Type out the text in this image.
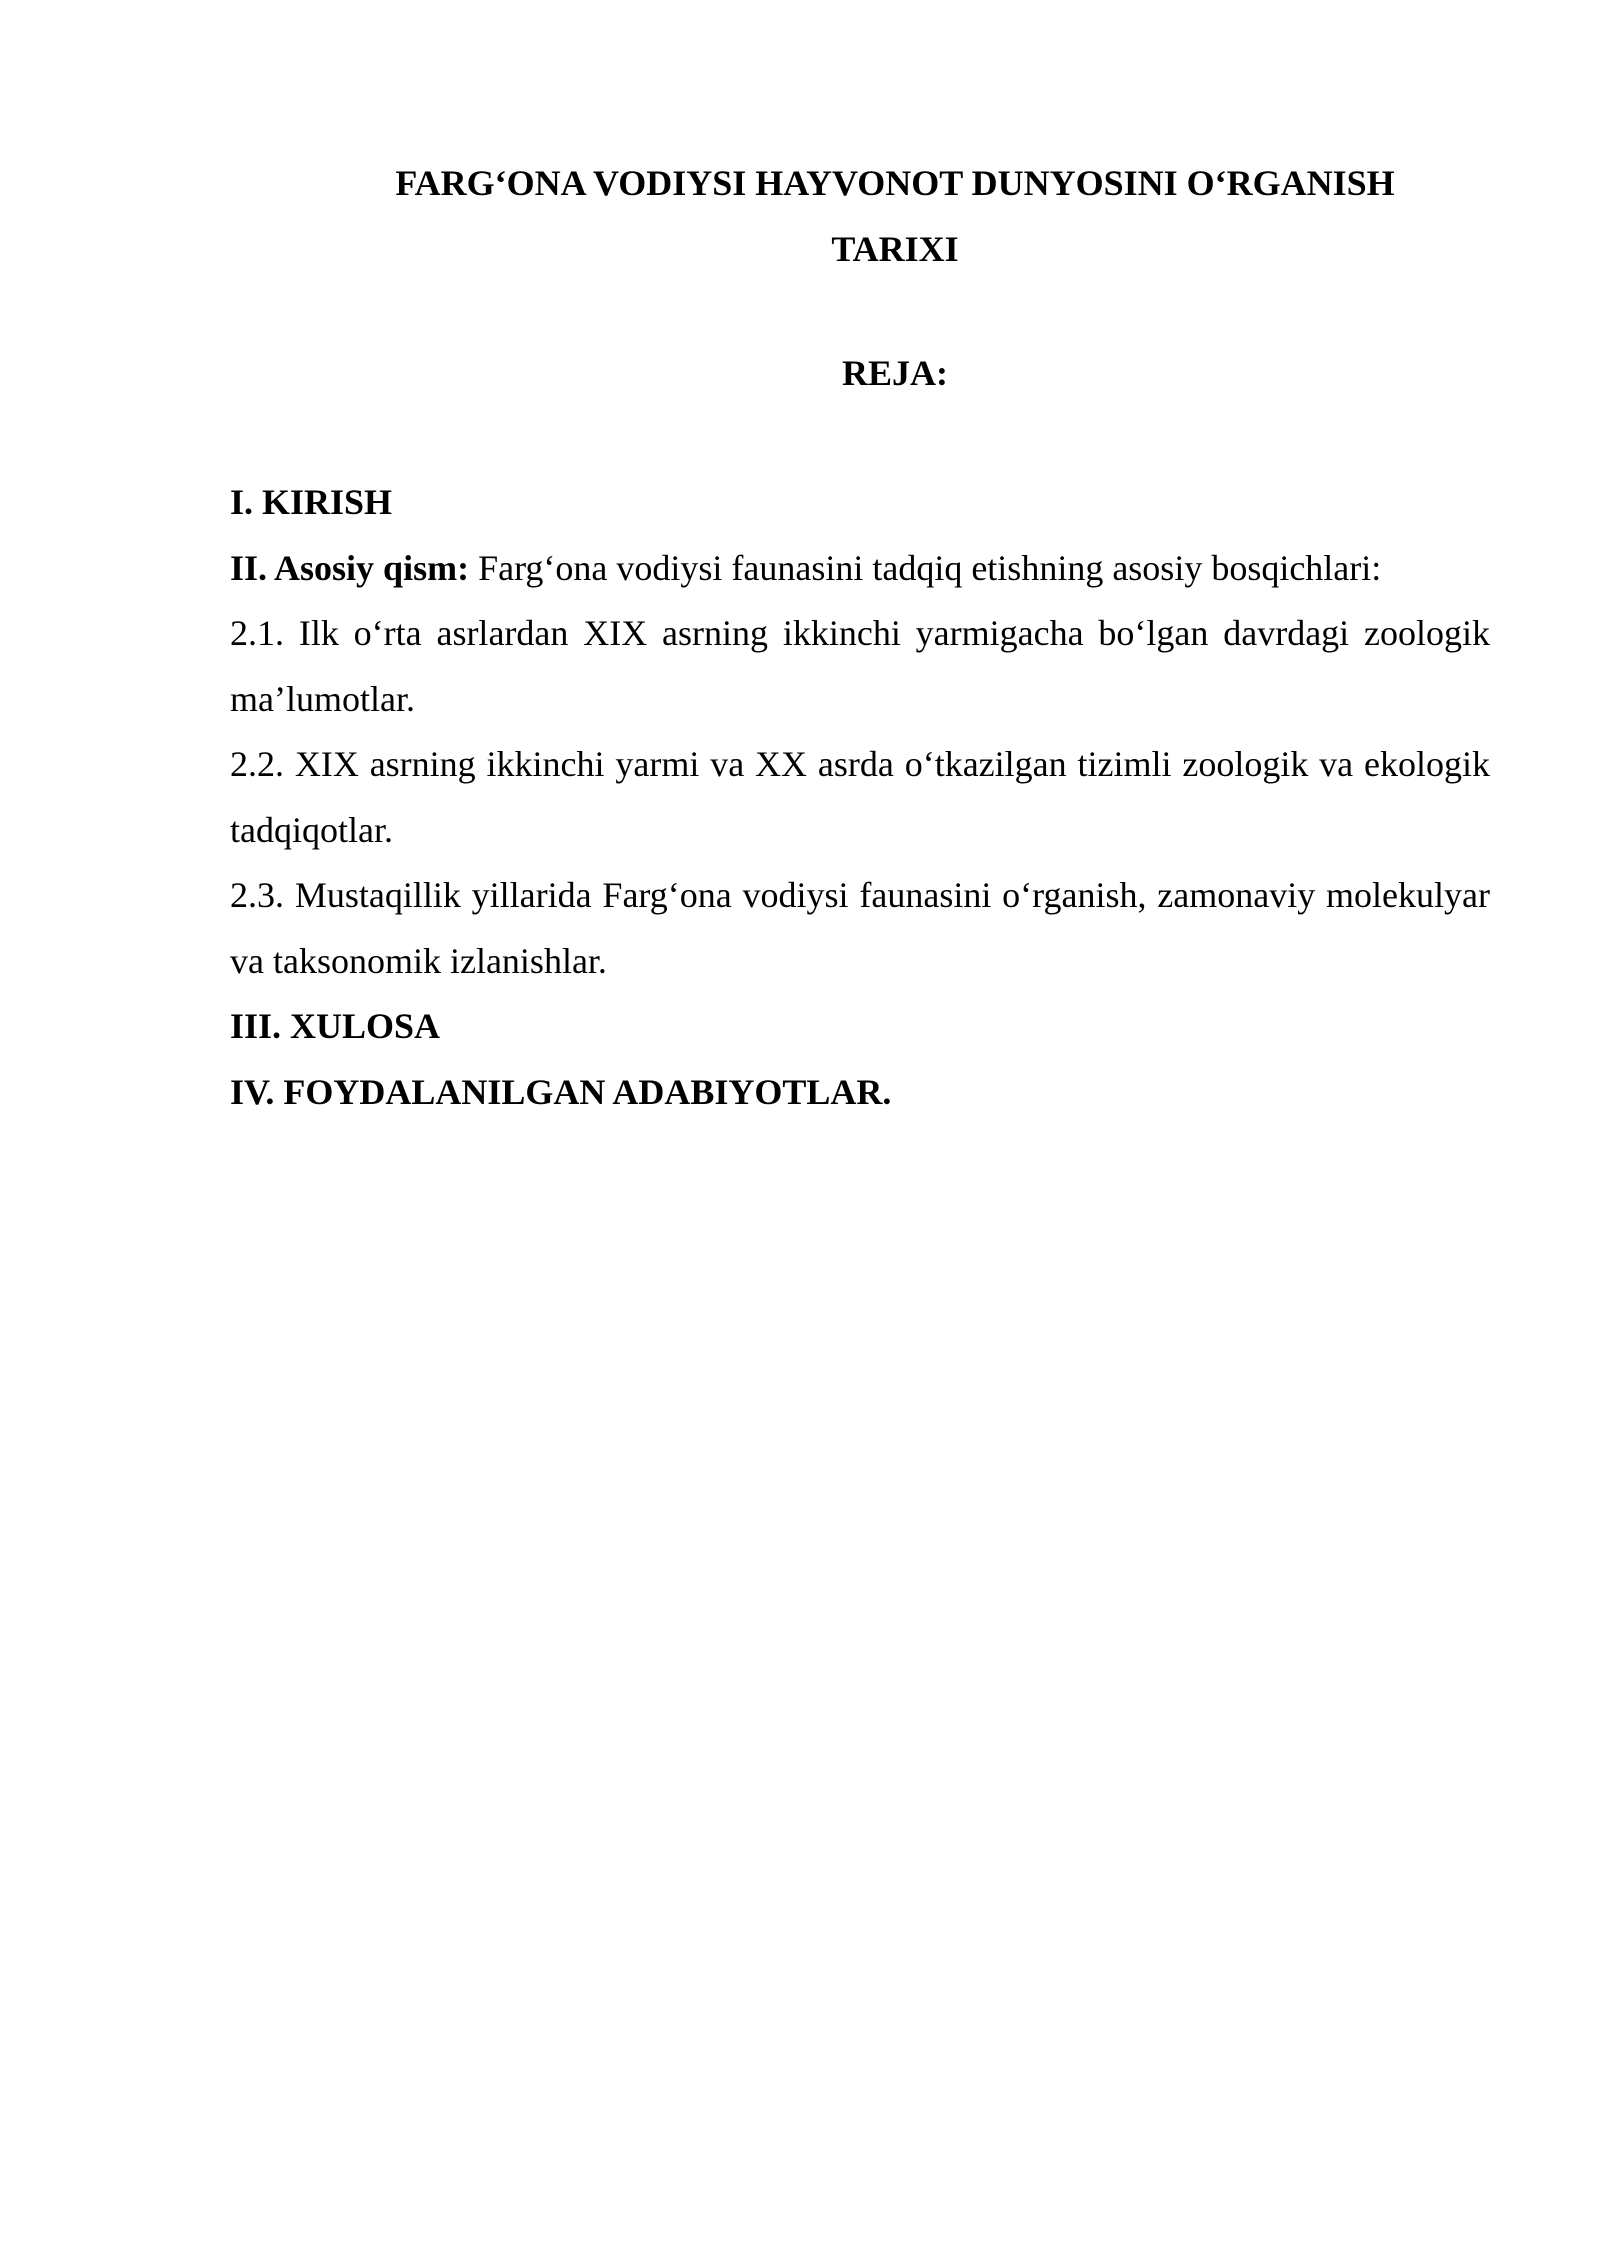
FARG‘ONA VODIYSI HAYVONOT DUNYOSINI O‘RGANISH
TARIXI
REJA:

I. KIRISH

II. Asosiy qism: Farg‘ona vodiysi faunasini tadqiq etishning asosiy bosqichlari:

2.1. Ilk o‘rta asrlardan XIX asrning ikkinchi yarmigacha bo‘lgan davrdagi zoologik ma’lumotlar.

2.2. XIX asrning ikkinchi yarmi va XX asrda o‘tkazilgan tizimli zoologik va ekologik tadqiqotlar.

2.3. Mustaqillik yillarida Farg‘ona vodiysi faunasini o‘rganish, zamonaviy molekulyar va taksonomik izlanishlar.

III. XULOSA

IV. FOYDALANILGAN ADABIYOTLAR.
